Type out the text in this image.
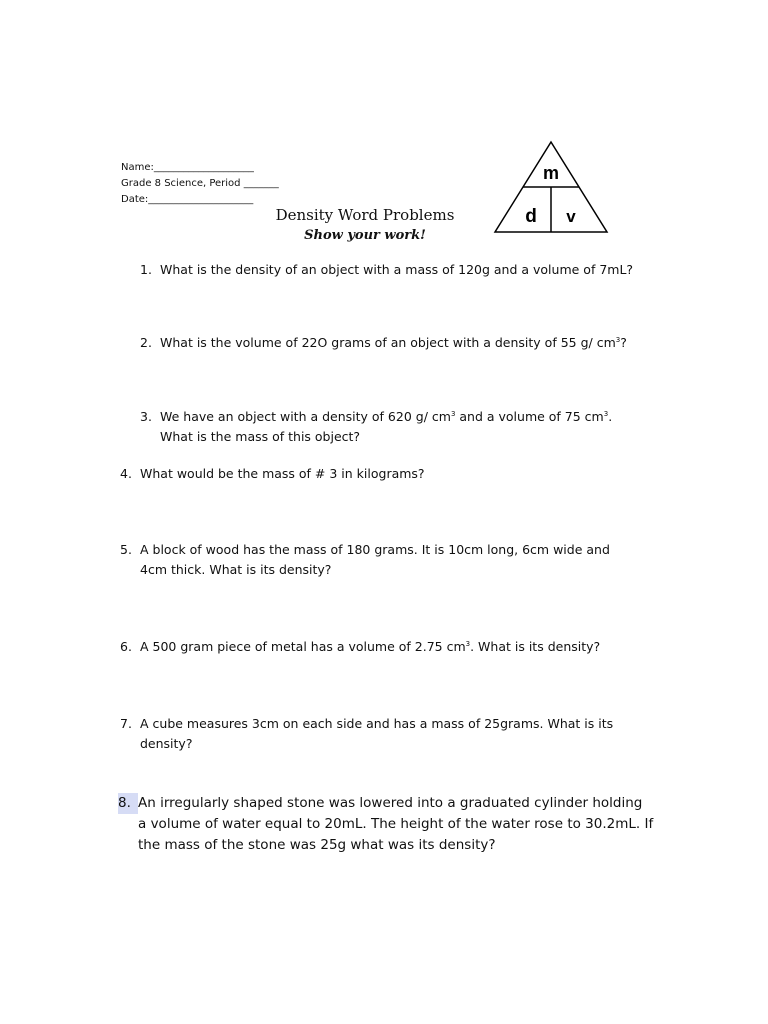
Name:____________________
Grade 8 Science, Period _______
Date:_____________________
m
d v
Density Word Problems
Show your work!
1. What is the density of an object with a mass of 120g and a volume of 7mL?
2. What is the volume of 22O grams of an object with a density of 55 g/ $cm^3$?
3. We have an object with a density of 620 g/ $cm^3$ and a volume of 75 $cm^3$.
What is the mass of this object?
4. What would be the mass of # 3 in kilograms?
5. A block of wood has the mass of 180 grams. It is 10cm long, 6cm wide and
4cm thick. What is its density?
6. A 500 gram piece of metal has a volume of 2.75 $cm^3$. What is its density?
7. A cube measures 3cm on each side and has a mass of 25grams. What is its
density?
8. An irregularly shaped stone was lowered into a graduated cylinder holding
a volume of water equal to 20mL. The height of the water rose to 30.2mL. If
the mass of the stone was 25g what was its density?
